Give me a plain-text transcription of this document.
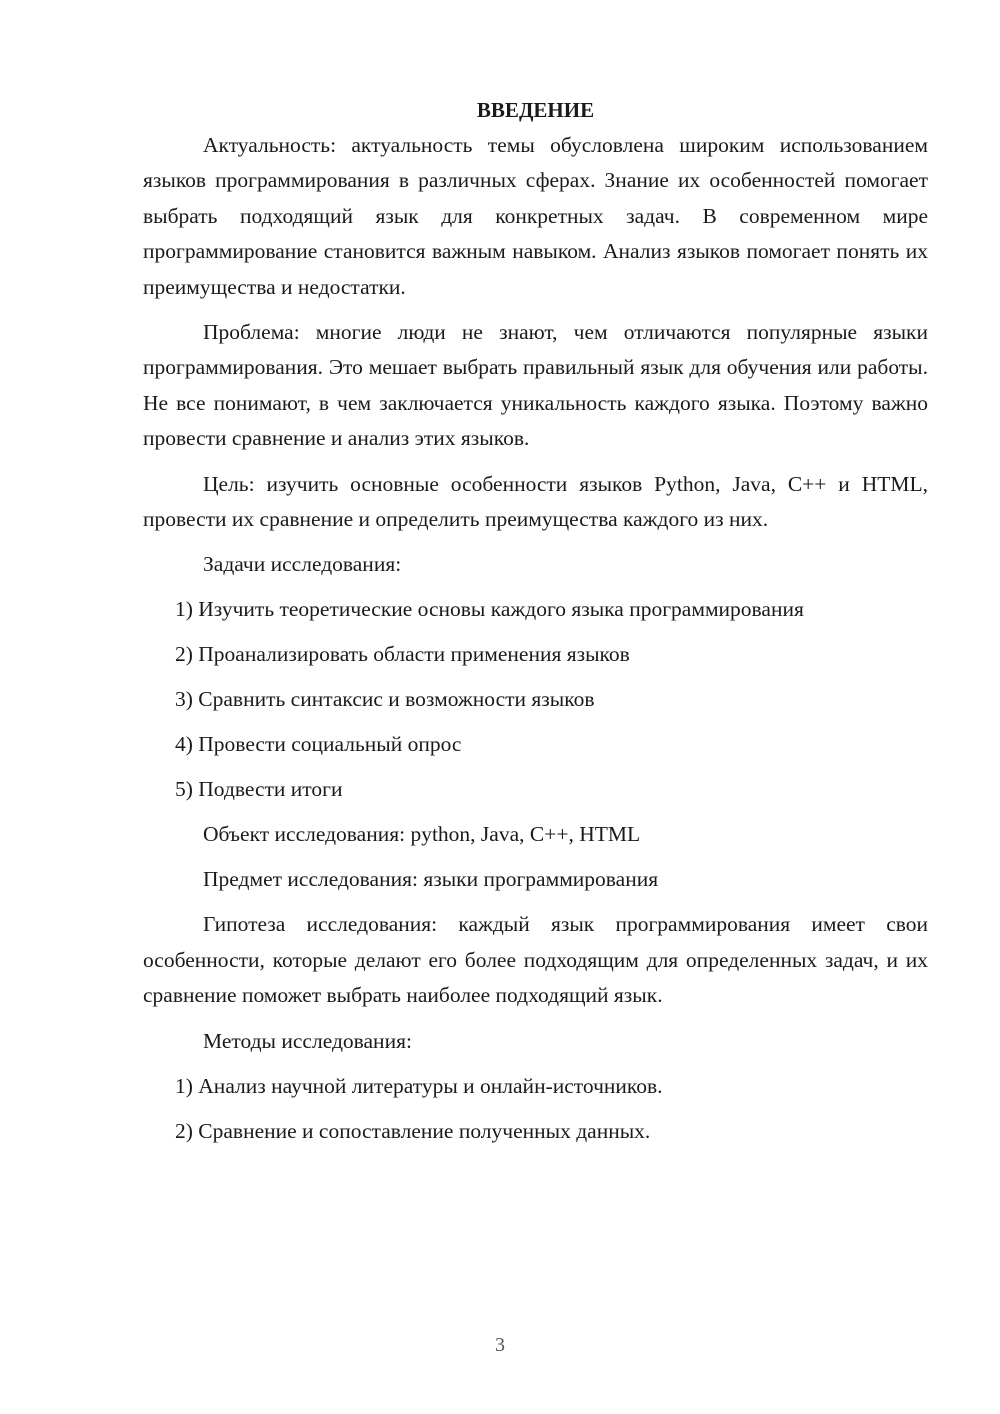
ВВЕДЕНИЕ

Актуальность: актуальность темы обусловлена широким использованием языков программирования в различных сферах. Знание их особенностей помогает выбрать подходящий язык для конкретных задач. В современном мире программирование становится важным навыком. Анализ языков помогает понять их преимущества и недостатки.

Проблема: многие люди не знают, чем отличаются популярные языки программирования. Это мешает выбрать правильный язык для обучения или работы. Не все понимают, в чем заключается уникальность каждого языка. Поэтому важно провести сравнение и анализ этих языков.

Цель: изучить основные особенности языков Python, Java, C++ и HTML, провести их сравнение и определить преимущества каждого из них.

Задачи исследования:

1) Изучить теоретические основы каждого языка программирования
2) Проанализировать области применения языков
3) Сравнить синтаксис и возможности языков
4) Провести социальный опрос
5) Подвести итоги

Объект исследования: python, Java, C++, HTML

Предмет исследования: языки программирования

Гипотеза исследования: каждый язык программирования имеет свои особенности, которые делают его более подходящим для определенных задач, и их сравнение поможет выбрать наиболее подходящий язык.

Методы исследования:

1) Анализ научной литературы и онлайн-источников.
2) Сравнение и сопоставление полученных данных.
3
